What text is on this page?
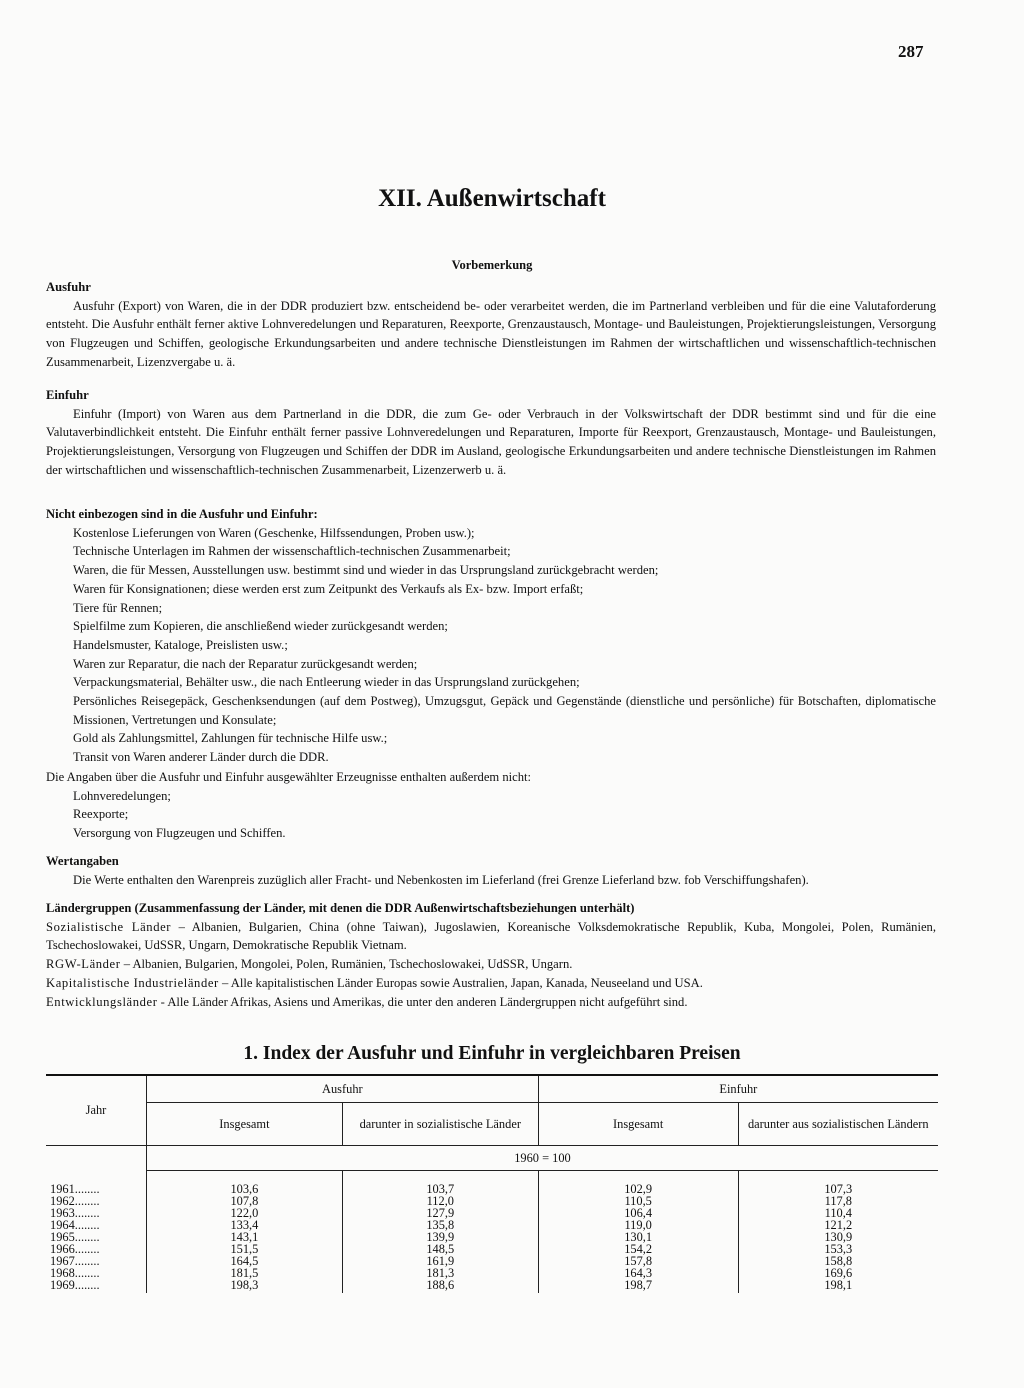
287
XII. Außenwirtschaft
Vorbemerkung
Ausfuhr
Ausfuhr (Export) von Waren, die in der DDR produziert bzw. entscheidend be- oder verarbeitet werden, die im Partnerland verbleiben und für die eine Valutaforderung entsteht. Die Ausfuhr enthält ferner aktive Lohnveredelungen und Reparaturen, Reexporte, Grenzaustausch, Montage- und Bauleistungen, Projektierungsleistungen, Versorgung von Flugzeugen und Schiffen, geologische Erkundungsarbeiten und andere technische Dienstleistungen im Rahmen der wirtschaftlichen und wissenschaftlich-technischen Zusammenarbeit, Lizenzvergabe u. ä.
Einfuhr
Einfuhr (Import) von Waren aus dem Partnerland in die DDR, die zum Ge- oder Verbrauch in der Volkswirtschaft der DDR bestimmt sind und für die eine Valutaverbindlichkeit entsteht. Die Einfuhr enthält ferner passive Lohnveredelungen und Reparaturen, Importe für Reexport, Grenzaustausch, Montage- und Bauleistungen, Projektierungsleistungen, Versorgung von Flugzeugen und Schiffen der DDR im Ausland, geologische Erkundungsarbeiten und andere technische Dienstleistungen im Rahmen der wirtschaftlichen und wissenschaftlich-technischen Zusammenarbeit, Lizenzerwerb u. ä.
Nicht einbezogen sind in die Ausfuhr und Einfuhr:
Kostenlose Lieferungen von Waren (Geschenke, Hilfssendungen, Proben usw.);
Technische Unterlagen im Rahmen der wissenschaftlich-technischen Zusammenarbeit;
Waren, die für Messen, Ausstellungen usw. bestimmt sind und wieder in das Ursprungsland zurückgebracht werden;
Waren für Konsignationen; diese werden erst zum Zeitpunkt des Verkaufs als Ex- bzw. Import erfaßt;
Tiere für Rennen;
Spielfilme zum Kopieren, die anschließend wieder zurückgesandt werden;
Handelsmuster, Kataloge, Preislisten usw.;
Waren zur Reparatur, die nach der Reparatur zurückgesandt werden;
Verpackungsmaterial, Behälter usw., die nach Entleerung wieder in das Ursprungsland zurückgehen;
Persönliches Reisegepäck, Geschenksendungen (auf dem Postweg), Umzugsgut, Gepäck und Gegenstände (dienstliche und persönliche) für Botschaften, diplomatische Missionen, Vertretungen und Konsulate;
Gold als Zahlungsmittel, Zahlungen für technische Hilfe usw.;
Transit von Waren anderer Länder durch die DDR.
Die Angaben über die Ausfuhr und Einfuhr ausgewählter Erzeugnisse enthalten außerdem nicht:
Lohnveredelungen;
Reexporte;
Versorgung von Flugzeugen und Schiffen.
Wertangaben
Die Werte enthalten den Warenpreis zuzüglich aller Fracht- und Nebenkosten im Lieferland (frei Grenze Lieferland bzw. fob Verschiffungshafen).
Ländergruppen (Zusammenfassung der Länder, mit denen die DDR Außenwirtschaftsbeziehungen unterhält)
Sozialistische Länder – Albanien, Bulgarien, China (ohne Taiwan), Jugoslawien, Koreanische Volksdemokratische Republik, Kuba, Mongolei, Polen, Rumänien, Tschechoslowakei, UdSSR, Ungarn, Demokratische Republik Vietnam.
RGW-Länder – Albanien, Bulgarien, Mongolei, Polen, Rumänien, Tschechoslowakei, UdSSR, Ungarn.
Kapitalistische Industrieländer – Alle kapitalistischen Länder Europas sowie Australien, Japan, Kanada, Neuseeland und USA.
Entwicklungsländer - Alle Länder Afrikas, Asiens und Amerikas, die unter den anderen Ländergruppen nicht aufgeführt sind.
1. Index der Ausfuhr und Einfuhr in vergleichbaren Preisen
Jahr	Ausfuhr		Einfuhr	
	Insgesamt	darunter in sozialistische Länder	Insgesamt	darunter aus sozialistischen Ländern
	1960 = 100			
1961........	103,6	103,7	102,9	107,3
1962........	107,8	112,0	110,5	117,8
1963........	122,0	127,9	106,4	110,4
1964........	133,4	135,8	119,0	121,2
1965........	143,1	139,9	130,1	130,9
1966........	151,5	148,5	154,2	153,3
1967........	164,5	161,9	157,8	158,8
1968........	181,5	181,3	164,3	169,6
1969........	198,3	188,6	198,7	198,1
